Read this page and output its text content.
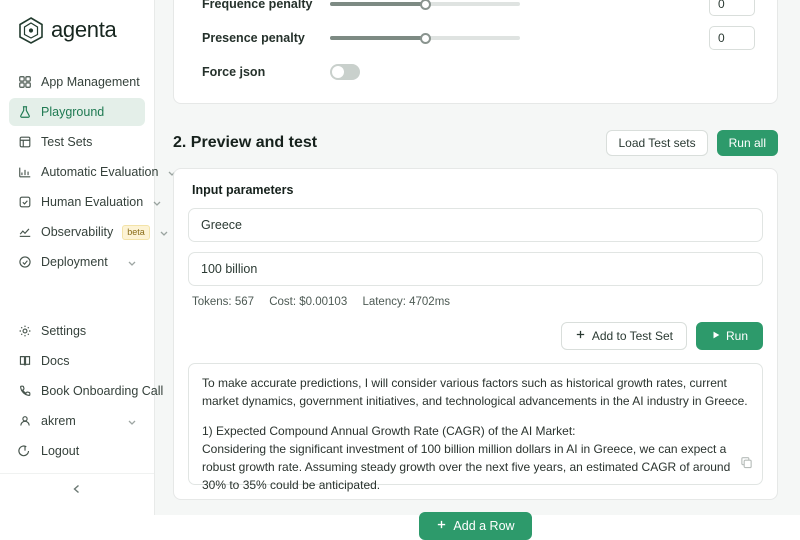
agenta
App Management
Playground
Test Sets
Automatic Evaluation
Human Evaluation
Observability	beta
Deployment
Settings
Docs
Book Onboarding Call
akrem
Logout
Frequence penalty	0
Presence penalty	0
Force json
2. Preview and test	Load Test sets	Run all
Input parameters
Greece
100 billion
Tokens: 567 Cost: $0.00103 Latency: 4702ms
Add to Test Set	Run

To make accurate predictions, I will consider various factors such as historical growth rates, current market dynamics, government initiatives, and technological advancements in the AI industry in Greece.

1) Expected Compound Annual Growth Rate (CAGR) of the AI Market:

Considering the significant investment of 100 billion million dollars in AI in Greece, we can expect a robust growth rate. Assuming steady growth over the next five years, an estimated CAGR of around 30% to 35% could be anticipated.

Add a Row
